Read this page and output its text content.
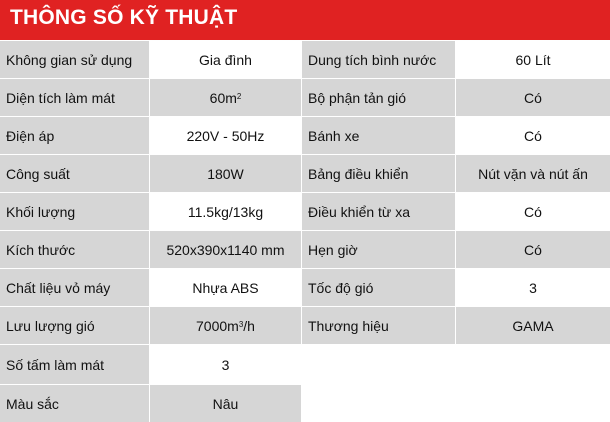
THÔNG SỐ KỸ THUẬT
Không gian sử dụng	Gia đình	Dung tích bình nước	60 Lít
Diện tích làm mát	$60m^2$	Bộ phận tản gió	Có
Điện áp	220V - 50Hz	Bánh xe	Có
Công suất	180W	Bảng điều khiển	Nút vặn và nút ấn
Khối lượng	11.5kg/13kg	Điều khiển từ xa	Có
Kích thước	520x390x1140 mm	Hẹn giờ	Có
Chất liệu vỏ máy	Nhựa ABS	Tốc độ gió	3
Lưu lượng gió	$7000m^3$ /h	Thương hiệu	GAMA
Số tấm làm mát	3
Màu sắc	Nâu
